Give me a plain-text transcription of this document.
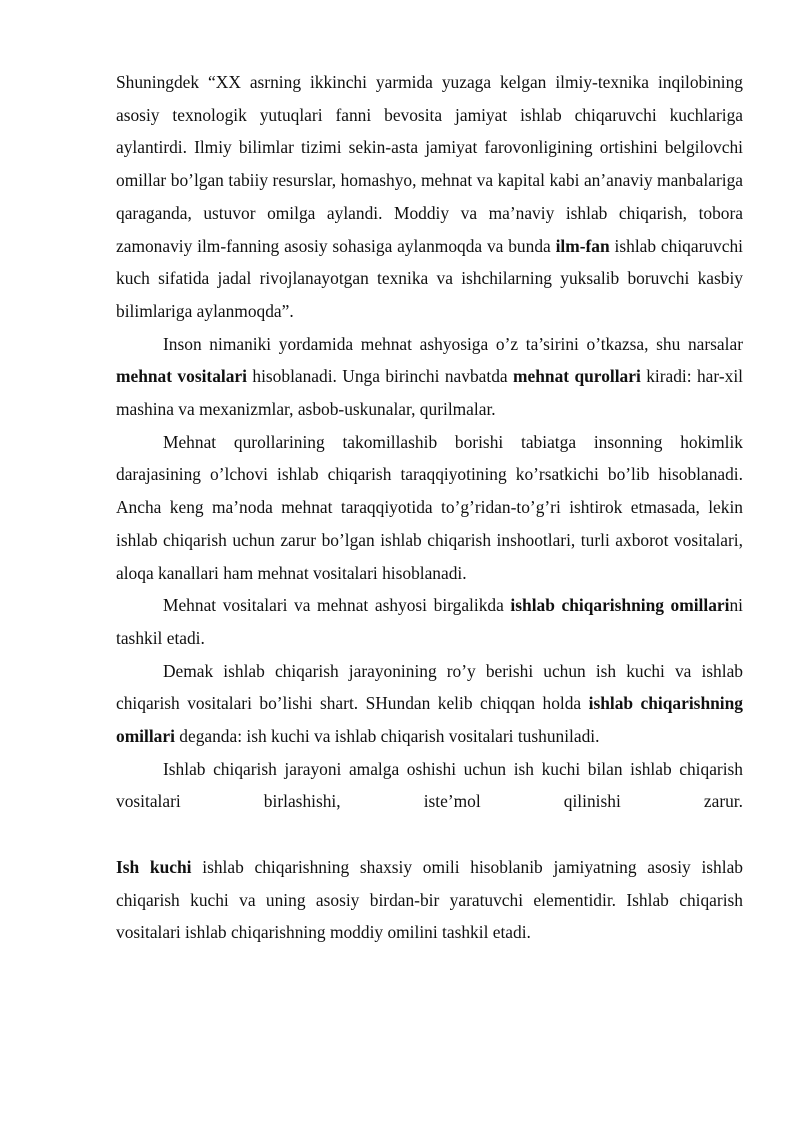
Shuningdek “XX asrning ikkinchi yarmida yuzaga kelgan ilmiy-texnika inqilobining asosiy texnologik yutuqlari fanni bevosita jamiyat ishlab chiqaruvchi kuchlariga aylantirdi. Ilmiy bilimlar tizimi sekin-asta jamiyat farovonligining ortishini belgilovchi omillar bo’lgan tabiiy resurslar, homashyo, mehnat va kapital kabi an’anaviy manbalariga qaraganda, ustuvor omilga aylandi. Moddiy va ma’naviy ishlab chiqarish, tobora zamonaviy ilm-fanning asosiy sohasiga aylanmoqda va bunda ilm-fan ishlab chiqaruvchi kuch sifatida jadal rivojlanayotgan texnika va ishchilarning yuksalib boruvchi kasbiy bilimlariga aylanmoqda”.

Inson nimaniki yordamida mehnat ashyosiga o’z ta’sirini o’tkazsa, shu narsalar mehnat vositalari hisoblanadi. Unga birinchi navbatda mehnat qurollari kiradi: har-xil mashina va mexanizmlar, asbob-uskunalar, qurilmalar.

Mehnat qurollarining takomillashib borishi tabiatga insonning hokimlik darajasining o’lchovi ishlab chiqarish taraqqiyotining ko’rsatkichi bo’lib hisoblanadi. Ancha keng ma’noda mehnat taraqqiyotida to’g’ridan-to’g’ri ishtirok etmasada, lekin ishlab chiqarish uchun zarur bo’lgan ishlab chiqarish inshootlari, turli axborot vositalari, aloqa kanallari ham mehnat vositalari hisoblanadi.

Mehnat vositalari va mehnat ashyosi birgalikda ishlab chiqarishning omillarini tashkil etadi.

Demak ishlab chiqarish jarayonining ro’y berishi uchun ish kuchi va ishlab chiqarish vositalari bo’lishi shart. SHundan kelib chiqqan holda ishlab chiqarishning omillari deganda: ish kuchi va ishlab chiqarish vositalari tushuniladi.

Ishlab chiqarish jarayoni amalga oshishi uchun ish kuchi bilan ishlab chiqarish vositalari birlashishi, iste’mol qilinishi zarur.

Ish kuchi ishlab chiqarishning shaxsiy omili hisoblanib jamiyatning asosiy ishlab chiqarish kuchi va uning asosiy birdan-bir yaratuvchi elementidir. Ishlab chiqarish vositalari ishlab chiqarishning moddiy omilini tashkil etadi.
